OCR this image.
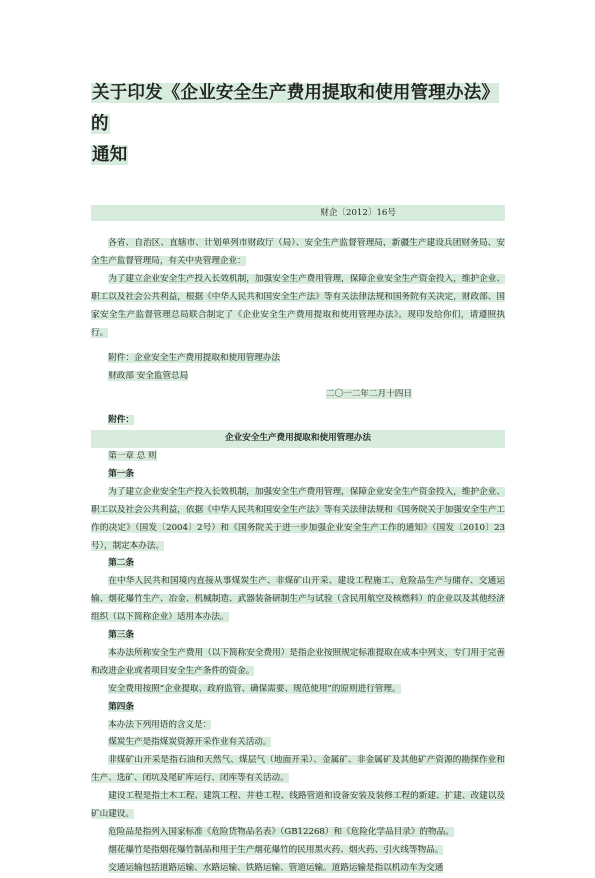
关于印发《企业安全生产费用提取和使用管理办法》的
通知
财企〔2012〕16号

各省、自治区、直辖市、计划单列市财政厅（局）、安全生产监督管理局，新疆生产建设兵团财务局、安全生产监督管理局，有关中央管理企业：

为了建立企业安全生产投入长效机制，加强安全生产费用管理，保障企业安全生产资金投入，维护企业、职工以及社会公共利益，根据《中华人民共和国安全生产法》等有关法律法规和国务院有关决定，财政部、国家安全生产监督管理总局联合制定了《企业安全生产费用提取和使用管理办法》。现印发给你们，请遵照执行。

附件：企业安全生产费用提取和使用管理办法

财政部 安全监管总局

二〇一二年二月十四日

附件：

企业安全生产费用提取和使用管理办法

第一章 总 则

第一条

为了建立企业安全生产投入长效机制，加强安全生产费用管理，保障企业安全生产资金投入，维护企业、职工以及社会公共利益，依据《中华人民共和国安全生产法》等有关法律法规和《国务院关于加强安全生产工作的决定》（国发〔2004〕2号）和《国务院关于进一步加强企业安全生产工作的通知》（国发〔2010〕23号），制定本办法。

第二条

在中华人民共和国境内直接从事煤炭生产、非煤矿山开采、建设工程施工、危险品生产与储存、交通运输、烟花爆竹生产、冶金、机械制造、武器装备研制生产与试验（含民用航空及核燃料）的企业以及其他经济组织（以下简称企业）适用本办法。

第三条

本办法所称安全生产费用（以下简称安全费用）是指企业按照规定标准提取在成本中列支，专门用于完善和改进企业或者项目安全生产条件的资金。

安全费用按照“企业提取、政府监管、确保需要、规范使用”的原则进行管理。

第四条

本办法下列用语的含义是：

煤炭生产是指煤炭资源开采作业有关活动。

非煤矿山开采是指石油和天然气、煤层气（地面开采）、金属矿、非金属矿及其他矿产资源的勘探作业和生产、选矿、闭坑及尾矿库运行、闭库等有关活动。

建设工程是指土木工程、建筑工程、井巷工程、线路管道和设备安装及装修工程的新建、扩建、改建以及矿山建设。

危险品是指列入国家标准《危险货物品名表》（GB12268）和《危险化学品目录》的物品。

烟花爆竹是指烟花爆竹制品和用于生产烟花爆竹的民用黑火药、烟火药、引火线等物品。

交通运输包括道路运输、水路运输、铁路运输、管道运输。道路运输是指以机动车为交通
